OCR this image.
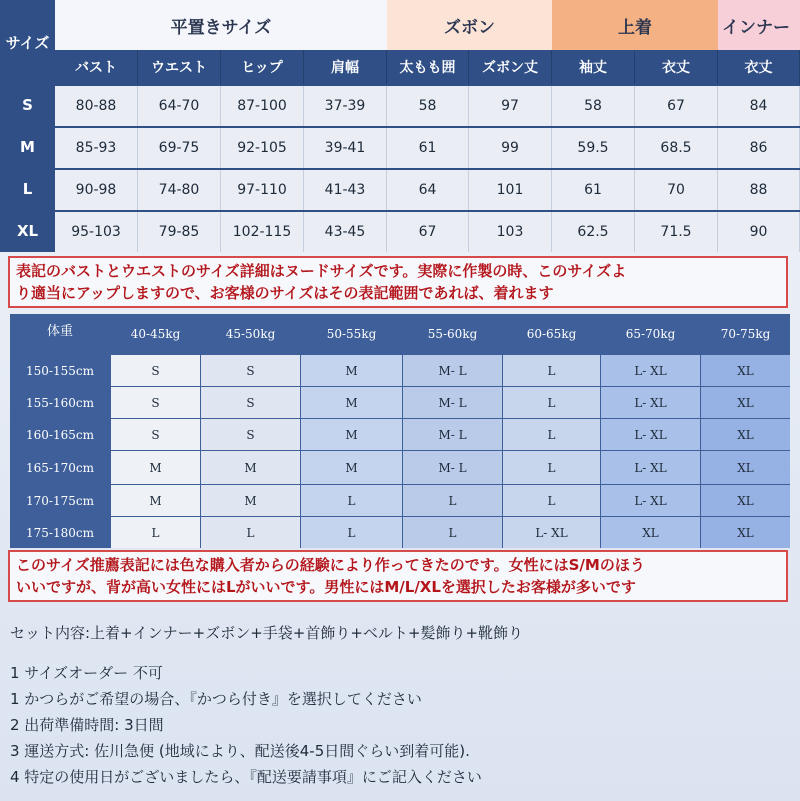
サイズ
平置きサイズ	ズボン	上着	インナー
バスト	ウエスト	ヒップ	肩幅	太もも囲	ズボン丈	袖丈	衣丈	衣丈
S	80-88	64-70	87-100	37-39	58	97	58	67	84
M	85-93	69-75	92-105	39-41	61	99	59.5	68.5	86
L	90-98	74-80	97-110	41-43	64	101	61	70	88
XL	95-103	79-85	102-115	43-45	67	103	62.5	71.5	90
表記のバストとウエストのサイズ詳細はヌードサイズです。実際に作製の時、このサイズよ
り適当にアップしますので、お客様のサイズはその表記範囲であれば、着れます
体重	40-45kg	45-50kg	50-55kg	55-60kg	60-65kg	65-70kg	70-75kg
150-155cm	S	S	M	M- L	L	L- XL	XL
155-160cm	S	S	M	M- L	L	L- XL	XL
160-165cm	S	S	M	M- L	L	L- XL	XL
165-170cm	M	M	M	M- L	L	L- XL	XL
170-175cm	M	M	L	L	L	L- XL	XL
175-180cm	L	L	L	L	L- XL	XL	XL
このサイズ推薦表記には色な購入者からの経験により作ってきたのです。女性にはS/Mのほう
いいですが、背が高い女性にはLがいいです。男性にはM/L/XLを選択したお客様が多いです
セット内容:上着+インナー+ズボン+手袋+首飾り+ベルト+髪飾り+靴飾り
1 サイズオーダー 不可
1 かつらがご希望の場合、『かつら付き』を選択してください
2 出荷準備時間: 3日間
3 運送方式: 佐川急便 (地域により、配送後4-5日間ぐらい到着可能).
4 特定の使用日がございましたら、『配送要請事項』にご記入ください
